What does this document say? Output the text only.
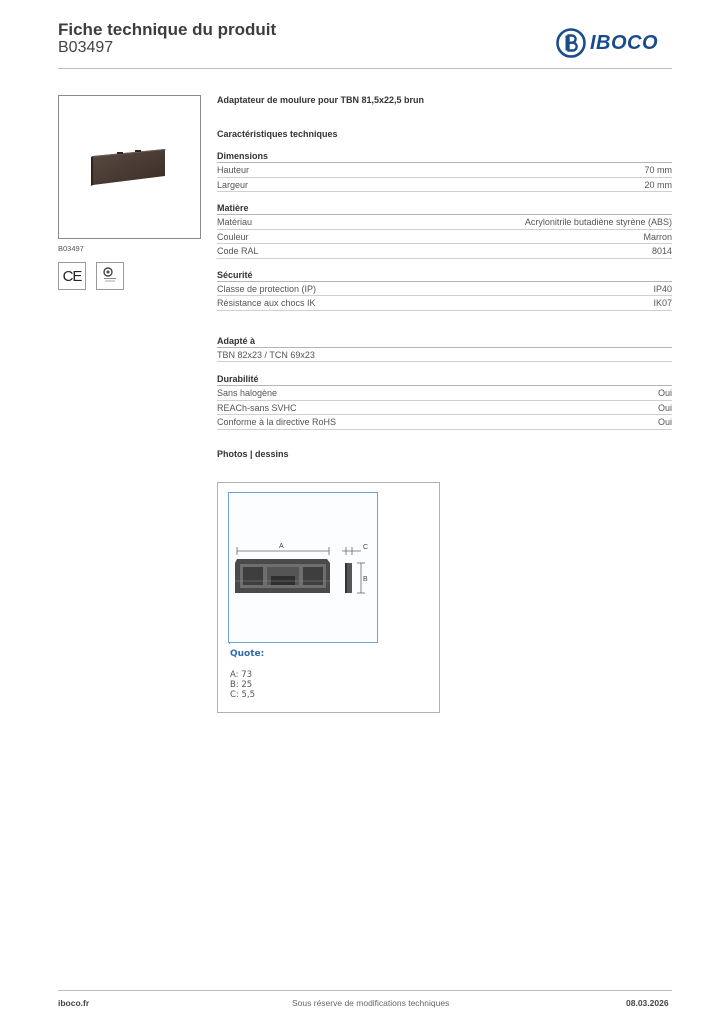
Fiche technique du produit
B03497	IBOCO
B03497
CE
Adaptateur de moulure pour TBN 81,5x22,5 brun
Caractéristiques techniques
Dimensions
Hauteur	70 mm
Largeur	20 mm
Matière
Matériau	Acrylonitrile butadiène styrène (ABS)
Couleur	Marron
Code RAL	8014
Sécurité
Classe de protection (IP)	IP40
Résistance aux chocs IK	IK07
Adapté à
TBN 82x23 / TCN 69x23
Durabilité
Sans halogène	Oui
REACh-sans SVHC	Oui
Conforme à la directive RoHS	Oui
Photos | dessins
A	C
B
Quote:
A: 73
B: 25
C: 5,5
iboco.fr	Sous réserve de modifications techniques	08.03.2026
